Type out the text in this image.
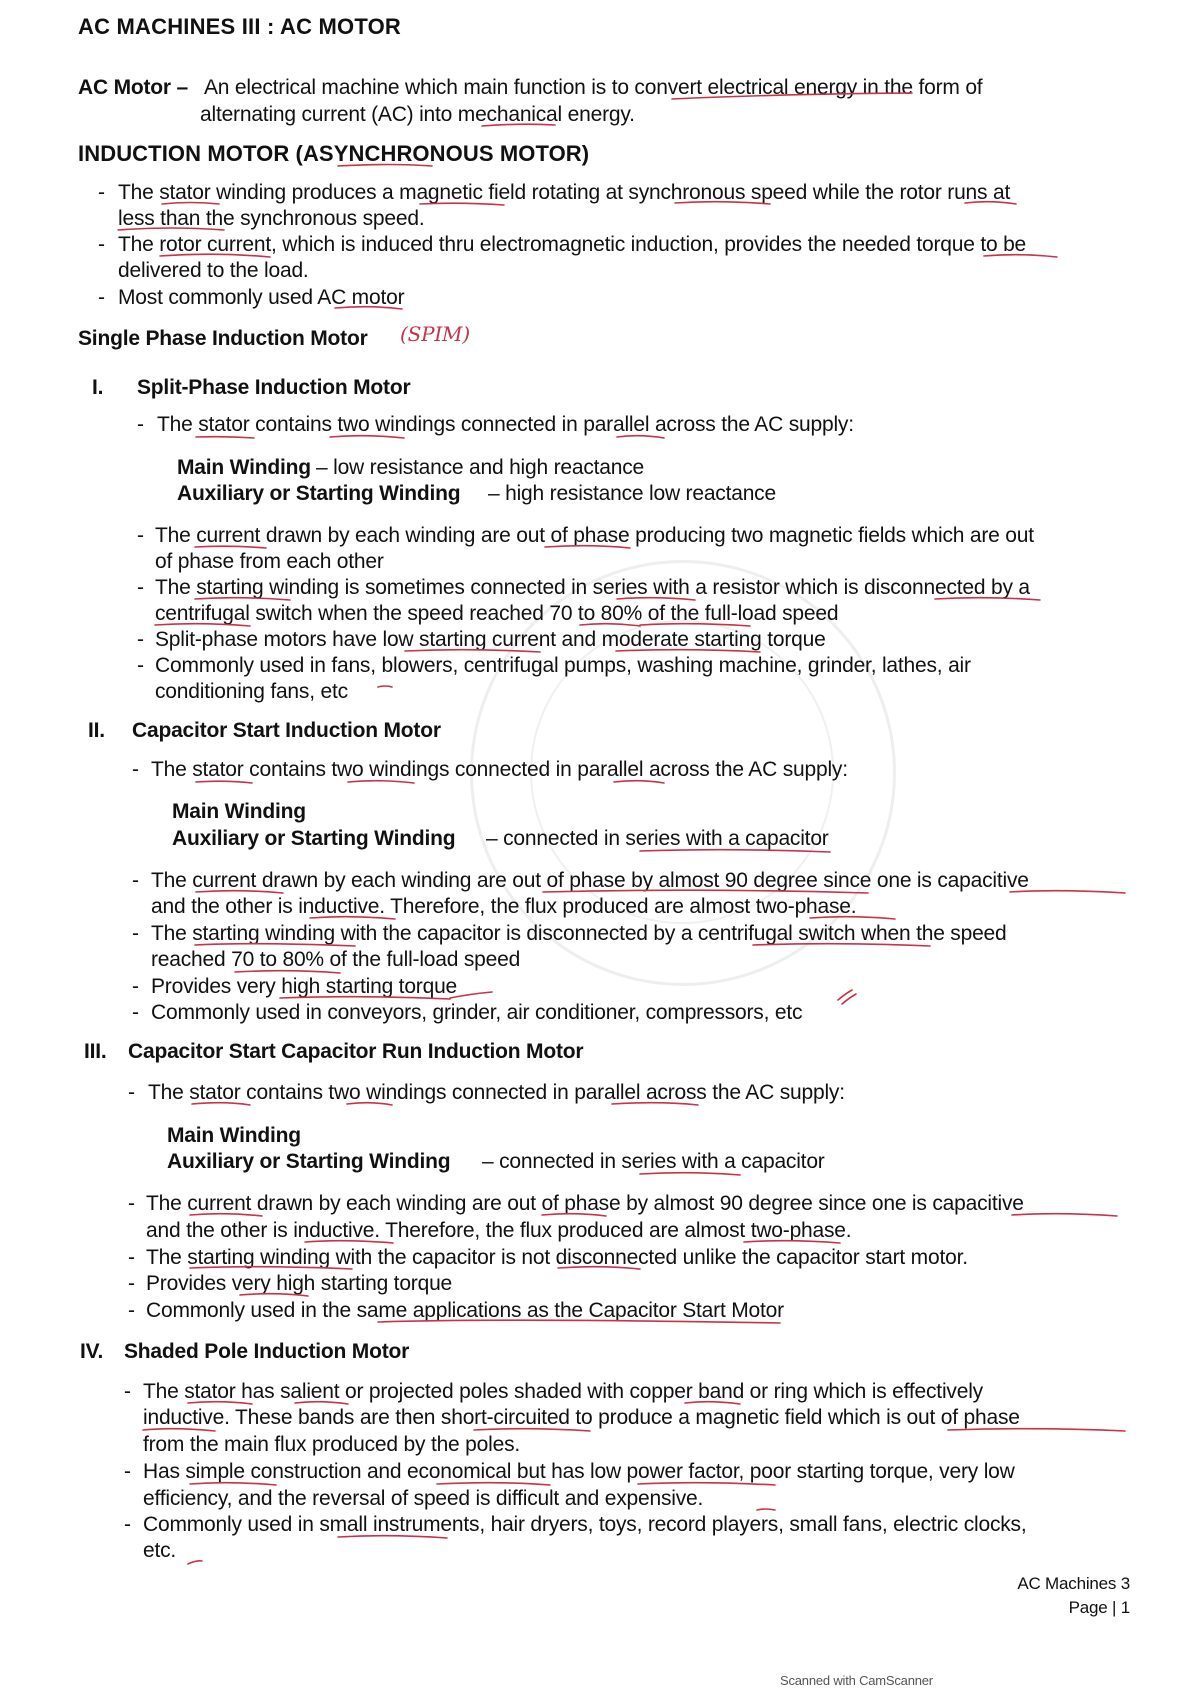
AC MACHINES III : AC MOTOR
AC Motor – An electrical machine which main function is to convert electrical energy in the form of
alternating current (AC) into mechanical energy.
INDUCTION MOTOR (ASYNCHRONOUS MOTOR)
- The stator winding produces a magnetic field rotating at synchronous speed while the rotor runs at
less than the synchronous speed.
- The rotor current, which is induced thru electromagnetic induction, provides the needed torque to be
delivered to the load.
- Most commonly used AC motor
Single Phase Induction Motor (SPIM)
I. Split-Phase Induction Motor
- The stator contains two windings connected in parallel across the AC supply:
Main Winding – low resistance and high reactance
Auxiliary or Starting Winding – high resistance low reactance
- The current drawn by each winding are out of phase producing two magnetic fields which are out
of phase from each other
- The starting winding is sometimes connected in series with a resistor which is disconnected by a
centrifugal switch when the speed reached 70 to 80% of the full-load speed
- Split-phase motors have low starting current and moderate starting torque
- Commonly used in fans, blowers, centrifugal pumps, washing machine, grinder, lathes, air
conditioning fans, etc
II. Capacitor Start Induction Motor
- The stator contains two windings connected in parallel across the AC supply:
Main Winding
Auxiliary or Starting Winding – connected in series with a capacitor
- The current drawn by each winding are out of phase by almost 90 degree since one is capacitive
and the other is inductive. Therefore, the flux produced are almost two-phase.
- The starting winding with the capacitor is disconnected by a centrifugal switch when the speed
reached 70 to 80% of the full-load speed
- Provides very high starting torque
- Commonly used in conveyors, grinder, air conditioner, compressors, etc
III. Capacitor Start Capacitor Run Induction Motor
- The stator contains two windings connected in parallel across the AC supply:
Main Winding
Auxiliary or Starting Winding – connected in series with a capacitor
- The current drawn by each winding are out of phase by almost 90 degree since one is capacitive
and the other is inductive. Therefore, the flux produced are almost two-phase.
- The starting winding with the capacitor is not disconnected unlike the capacitor start motor.
- Provides very high starting torque
- Commonly used in the same applications as the Capacitor Start Motor
IV. Shaded Pole Induction Motor
- The stator has salient or projected poles shaded with copper band or ring which is effectively
inductive. These bands are then short-circuited to produce a magnetic field which is out of phase
from the main flux produced by the poles.
- Has simple construction and economical but has low power factor, poor starting torque, very low
efficiency, and the reversal of speed is difficult and expensive.
- Commonly used in small instruments, hair dryers, toys, record players, small fans, electric clocks,
etc.
AC Machines 3
Page | 1
Scanned with CamScanner
